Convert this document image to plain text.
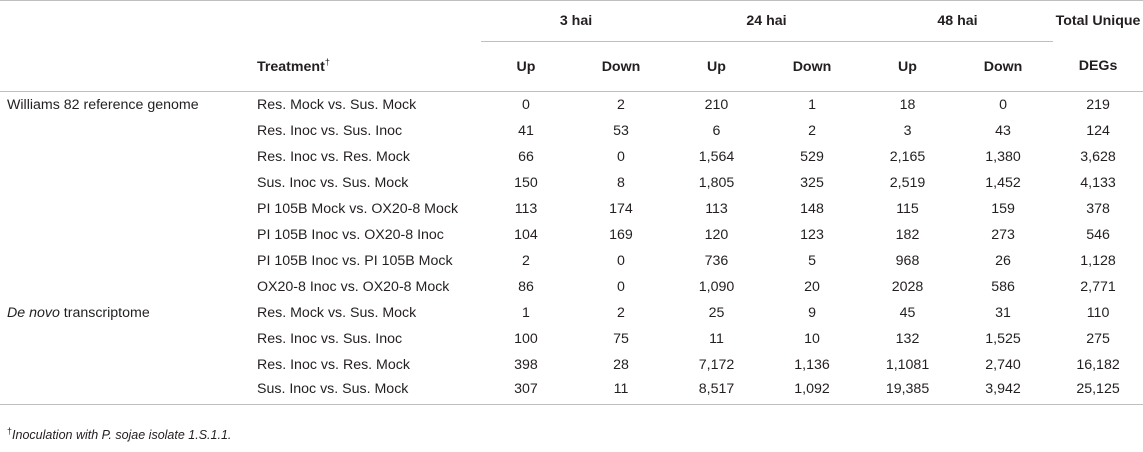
		3 hai		24 hai		48 hai		Total Unique
	Treatment†	Up	Down	Up	Down	Up	Down	DEGs
Williams 82 reference genome	Res. Mock vs. Sus. Mock	0	2	210	1	18	0	219
	Res. Inoc vs. Sus. Inoc	41	53	6	2	3	43	124
	Res. Inoc vs. Res. Mock	66	0	1,564	529	2,165	1,380	3,628
	Sus. Inoc vs. Sus. Mock	150	8	1,805	325	2,519	1,452	4,133
	PI 105B Mock vs. OX20-8 Mock	113	174	113	148	115	159	378
	PI 105B Inoc vs. OX20-8 Inoc	104	169	120	123	182	273	546
	PI 105B Inoc vs. PI 105B Mock	2	0	736	5	968	26	1,128
	OX20-8 Inoc vs. OX20-8 Mock	86	0	1,090	20	2028	586	2,771
De novo transcriptome	Res. Mock vs. Sus. Mock	1	2	25	9	45	31	110
	Res. Inoc vs. Sus. Inoc	100	75	11	10	132	1,525	275
	Res. Inoc vs. Res. Mock	398	28	7,172	1,136	1,1081	2,740	16,182
	Sus. Inoc vs. Sus. Mock	307	11	8,517	1,092	19,385	3,942	25,125
†Inoculation with P. sojae isolate 1.S.1.1.
